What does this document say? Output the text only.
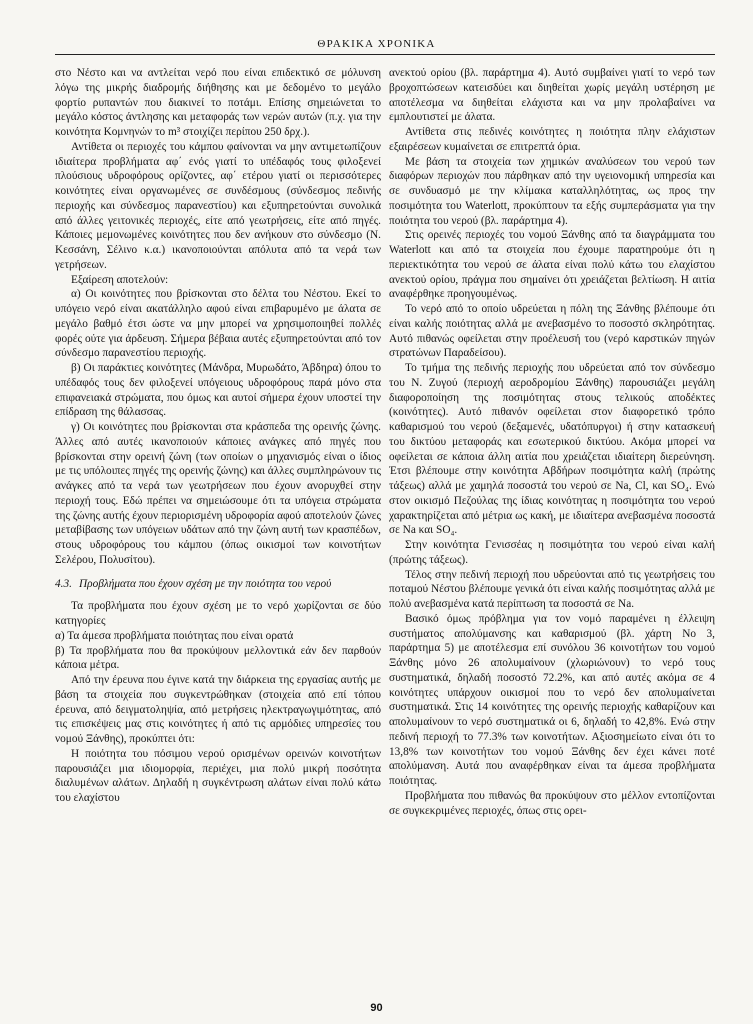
ΘΡΑΚΙΚΑ ΧΡΟΝΙΚΑ

στο Νέστο και να αντλείται νερό που είναι επιδεκτικό σε μόλυνση λόγω της μικρής διαδρομής διήθησης και με δεδομένο το μεγάλο φορτίο ρυπαντών που διακινεί το ποτάμι. Επίσης σημειώνεται το μεγάλο κόστος άντλησης και μεταφοράς των νερών αυτών (π.χ. για την κοινότητα Κομνηνών το m³ στοιχίζει περίπου 250 δρχ.).

Αντίθετα οι περιοχές του κάμπου φαίνονται να μην αντιμετωπίζουν ιδιαίτερα προβλήματα αφ΄ ενός γιατί το υπέδαφός τους φιλοξενεί πλούσιους υδροφόρους ορίζοντες, αφ΄ ετέρου γιατί οι περισσότερες κοινότητες είναι οργανωμένες σε συνδέσμους (σύνδεσμος πεδινής περιοχής και σύνδεσμος παρανεστίου) και εξυπηρετούνται συνολικά από άλλες γειτονικές περιοχές, είτε από γεωτρήσεις, είτε από πηγές. Κάποιες μεμονωμένες κοινότητες που δεν ανήκουν στο σύνδεσμο (Ν. Κεσσάνη, Σέλινο κ.α.) ικανοποιούνται απόλυτα από τα νερά των γετρήσεων.

Εξαίρεση αποτελούν:

α) Οι κοινότητες που βρίσκονται στο δέλτα του Νέστου. Εκεί το υπόγειο νερό είναι ακατάλληλο αφού είναι επιβαρυμένο με άλατα σε μεγάλο βαθμό έτσι ώστε να μην μπορεί να χρησιμοποιηθεί πολλές φορές ούτε για άρδευση. Σήμερα βέβαια αυτές εξυπηρετούνται από τον σύνδεσμο παρανεστίου περιοχής.

β) Οι παράκτιες κοινότητες (Μάνδρα, Μυρωδάτο, Άβδηρα) όπου το υπέδαφός τους δεν φιλοξενεί υπόγειους υδροφόρους παρά μόνο στα επιφανειακά στρώματα, που όμως και αυτοί σήμερα έχουν υποστεί την επίδραση της θάλασσας.

γ) Οι κοινότητες που βρίσκονται στα κράσπεδα της ορεινής ζώνης. Άλλες από αυτές ικανοποιούν κάποιες ανάγκες από πηγές που βρίσκονται στην ορεινή ζώνη (των οποίων ο μηχανισμός είναι ο ίδιος με τις υπόλοιπες πηγές της ορεινής ζώνης) και άλλες συμπληρώνουν τις ανάγκες από τα νερά των γεωτρήσεων που έχουν ανορυχθεί στην περιοχή τους. Εδώ πρέπει να σημειώσουμε ότι τα υπόγεια στρώματα της ζώνης αυτής έχουν περιορισμένη υδροφορία αφού αποτελούν ζώνες μεταβίβασης των υπόγειων υδάτων από την ζώνη αυτή των κρασπέδων, στους υδροφόρους του κάμπου (όπως οικισμοί των κοινοτήτων Σελέρου, Πολυσίτου).

4.3. Προβλήματα που έχουν σχέση με την ποιότητα του νερού

Τα προβλήματα που έχουν σχέση με το νερό χωρίζονται σε δύο κατηγορίες

α) Τα άμεσα προβλήματα ποιότητας που είναι ορατά

β) Τα προβλήματα που θα προκύψουν μελλοντικά εάν δεν παρθούν κάποια μέτρα.

Από την έρευνα που έγινε κατά την διάρκεια της εργασίας αυτής με βάση τα στοιχεία που συγκεντρώθηκαν (στοιχεία από επί τόπου έρευνα, από δειγματοληψία, από μετρήσεις ηλεκτραγωγιμότητας, από τις επισκέψεις μας στις κοινότητες ή από τις αρμόδιες υπηρεσίες του νομού Ξάνθης), προκύπτει ότι:

Η ποιότητα του πόσιμου νερού ορισμένων ορεινών κοινοτήτων παρουσιάζει μια ιδιομορφία, περιέχει, μια πολύ μικρή ποσότητα διαλυμένων αλάτων. Δηλαδή η συγκέντρωση αλάτων είναι πολύ κάτω του ελαχίστου

ανεκτού ορίου (βλ. παράρτημα 4). Αυτό συμβαίνει γιατί το νερό των βροχοπτώσεων κατεισδύει και διηθείται χωρίς μεγάλη υστέρηση με αποτέλεσμα να διηθείται ελάχιστα και να μην προλαβαίνει να εμπλουτιστεί με άλατα.

Αντίθετα στις πεδινές κοινότητες η ποιότητα πλην ελάχιστων εξαιρέσεων κυμαίνεται σε επιτρεπτά όρια.

Με βάση τα στοιχεία των χημικών αναλύσεων του νερού των διαφόρων περιοχών που πάρθηκαν από την υγειονομική υπηρεσία και σε συνδυασμό με την κλίμακα καταλληλότητας, ως προς την ποσιμότητα του Waterlott, προκύπτουν τα εξής συμπεράσματα για την ποιότητα του νερού (βλ. παράρτημα 4).

Στις ορεινές περιοχές του νομού Ξάνθης από τα διαγράμματα του Waterlott και από τα στοιχεία που έχουμε παρατηρούμε ότι η περιεκτικότητα του νερού σε άλατα είναι πολύ κάτω του ελαχίστου ανεκτού ορίου, πράγμα που σημαίνει ότι χρειάζεται βελτίωση. Η αιτία αναφέρθηκε προηγουμένως.

Το νερό από το οποίο υδρεύεται η πόλη της Ξάνθης βλέπουμε ότι είναι καλής ποιότητας αλλά με ανεβασμένο το ποσοστό σκληρότητας. Αυτό πιθανώς οφείλεται στην προέλευσή του (νερό καρστικών πηγών στρατώνων Παραδείσου).

Το τμήμα της πεδινής περιοχής που υδρεύεται από τον σύνδεσμο του Ν. Ζυγού (περιοχή αεροδρομίου Ξάνθης) παρουσιάζει μεγάλη διαφοροποίηση της ποσιμότητας στους τελικούς αποδέκτες (κοινότητες). Αυτό πιθανόν οφείλεται στον διαφορετικό τρόπο καθαρισμού του νερού (δεξαμενές, υδατόπυργοι) ή στην κατασκευή του δικτύου μεταφοράς και εσωτερικού δικτύου. Ακόμα μπορεί να οφείλεται σε κάποια άλλη αιτία που χρειάζεται ιδιαίτερη διερεύνηση. Έτσι βλέπουμε στην κοινότητα Αβδήρων ποσιμότητα καλή (πρώτης τάξεως) αλλά με χαμηλά ποσοστά του νερού σε Na, Cl, και SO₄. Ενώ στον οικισμό Πεζούλας της ίδιας κοινότητας η ποσιμότητα του νερού χαρακτηρίζεται από μέτρια ως κακή, με ιδιαίτερα ανεβασμένα ποσοστά σε Na και SO₄.

Στην κοινότητα Γενισσέας η ποσιμότητα του νερού είναι καλή (πρώτης τάξεως).

Τέλος στην πεδινή περιοχή που υδρεύονται από τις γεωτρήσεις του ποταμού Νέστου βλέπουμε γενικά ότι είναι καλής ποσιμότητας αλλά με πολύ ανεβασμένα κατά περίπτωση τα ποσοστά σε Na.

Βασικό όμως πρόβλημα για τον νομό παραμένει η έλλειψη συστήματος απολύμανσης και καθαρισμού (βλ. χάρτη Νο 3, παράρτημα 5) με αποτέλεσμα επί συνόλου 36 κοινοτήτων του νομού Ξάνθης μόνο 26 απολυμαίνουν (χλωριώνουν) το νερό τους συστηματικά, δηλαδή ποσοστό 72.2%, και από αυτές ακόμα σε 4 κοινότητες υπάρχουν οικισμοί που το νερό δεν απολυμαίνεται συστηματικά. Στις 14 κοινότητες της ορεινής περιοχής καθαρίζουν και απολυμαίνουν το νερό συστηματικά οι 6, δηλαδή το 42,8%. Ενώ στην πεδινή περιοχή το 77.3% των κοινοτήτων. Αξιοσημείωτο είναι ότι το 13,8% των κοινοτήτων του νομού Ξάνθης δεν έχει κάνει ποτέ απολύμανση. Αυτά που αναφέρθηκαν είναι τα άμεσα προβλήματα ποιότητας.

Προβλήματα που πιθανώς θα προκύψουν στο μέλλον εντοπίζονται σε συγκεκριμένες περιοχές, όπως στις ορει-

90
